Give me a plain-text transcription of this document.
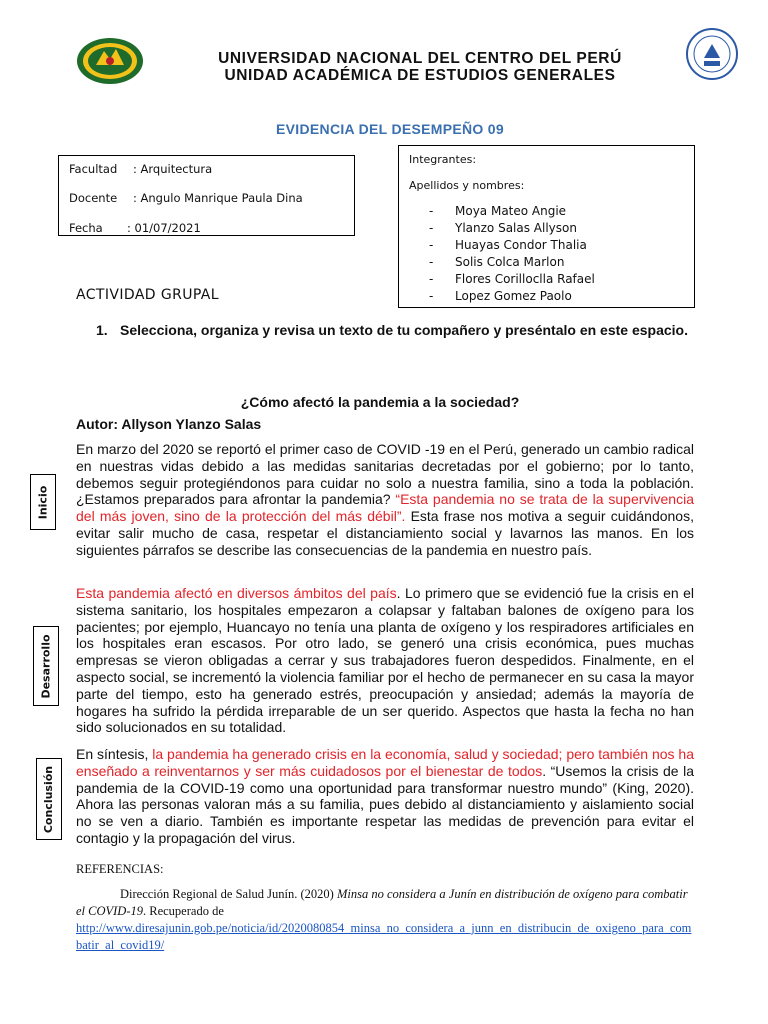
UNIVERSIDAD NACIONAL DEL CENTRO DEL PERÚ
UNIDAD ACADÉMICA DE ESTUDIOS GENERALES
EVIDENCIA DEL DESEMPEÑO 09
Facultad : Arquitectura
Docente : Angulo Manrique Paula Dina
Fecha : 01/07/2021
Integrantes:
Apellidos y nombres:
- Moya Mateo Angie
- Ylanzo Salas Allyson
- Huayas Condor Thalia
- Solis Colca Marlon
- Flores Corilloclla Rafael
- Lopez Gomez Paolo
ACTIVIDAD GRUPAL
1. Selecciona, organiza y revisa un texto de tu compañero y preséntalo en este espacio.
¿Cómo afectó la pandemia a la sociedad?
Autor: Allyson Ylanzo Salas
En marzo del 2020 se reportó el primer caso de COVID -19 en el Perú, generado un cambio radical en nuestras vidas debido a las medidas sanitarias decretadas por el gobierno; por lo tanto, debemos seguir protegiéndonos para cuidar no solo a nuestra familia, sino a toda la población. ¿Estamos preparados para afrontar la pandemia? “Esta pandemia no se trata de la supervivencia del más joven, sino de la protección del más débil”. Esta frase nos motiva a seguir cuidándonos, evitar salir mucho de casa, respetar el distanciamiento social y lavarnos las manos. En los siguientes párrafos se describe las consecuencias de la pandemia en nuestro país.
Esta pandemia afectó en diversos ámbitos del país. Lo primero que se evidenció fue la crisis en el sistema sanitario, los hospitales empezaron a colapsar y faltaban balones de oxígeno para los pacientes; por ejemplo, Huancayo no tenía una planta de oxígeno y los respiradores artificiales en los hospitales eran escasos. Por otro lado, se generó una crisis económica, pues muchas empresas se vieron obligadas a cerrar y sus trabajadores fueron despedidos. Finalmente, en el aspecto social, se incrementó la violencia familiar por el hecho de permanecer en su casa la mayor parte del tiempo, esto ha generado estrés, preocupación y ansiedad; además la mayoría de hogares ha sufrido la pérdida irreparable de un ser querido. Aspectos que hasta la fecha no han sido solucionados en su totalidad.
En síntesis, la pandemia ha generado crisis en la economía, salud y sociedad; pero también nos ha enseñado a reinventarnos y ser más cuidadosos por el bienestar de todos. “Usemos la crisis de la pandemia de la COVID-19 como una oportunidad para transformar nuestro mundo” (King, 2020). Ahora las personas valoran más a su familia, pues debido al distanciamiento y aislamiento social no se ven a diario. También es importante respetar las medidas de prevención para evitar el contagio y la propagación del virus.
Inicio
Desarrollo
Conclusión
REFERENCIAS:
Dirección Regional de Salud Junín. (2020) Minsa no considera a Junín en distribución de oxígeno para combatir el COVID-19. Recuperado de
http://www.diresajunin.gob.pe/noticia/id/2020080854_minsa_no_considera_a_junn_en_distribucin_de_oxigeno_para_combatir_al_covid19/
